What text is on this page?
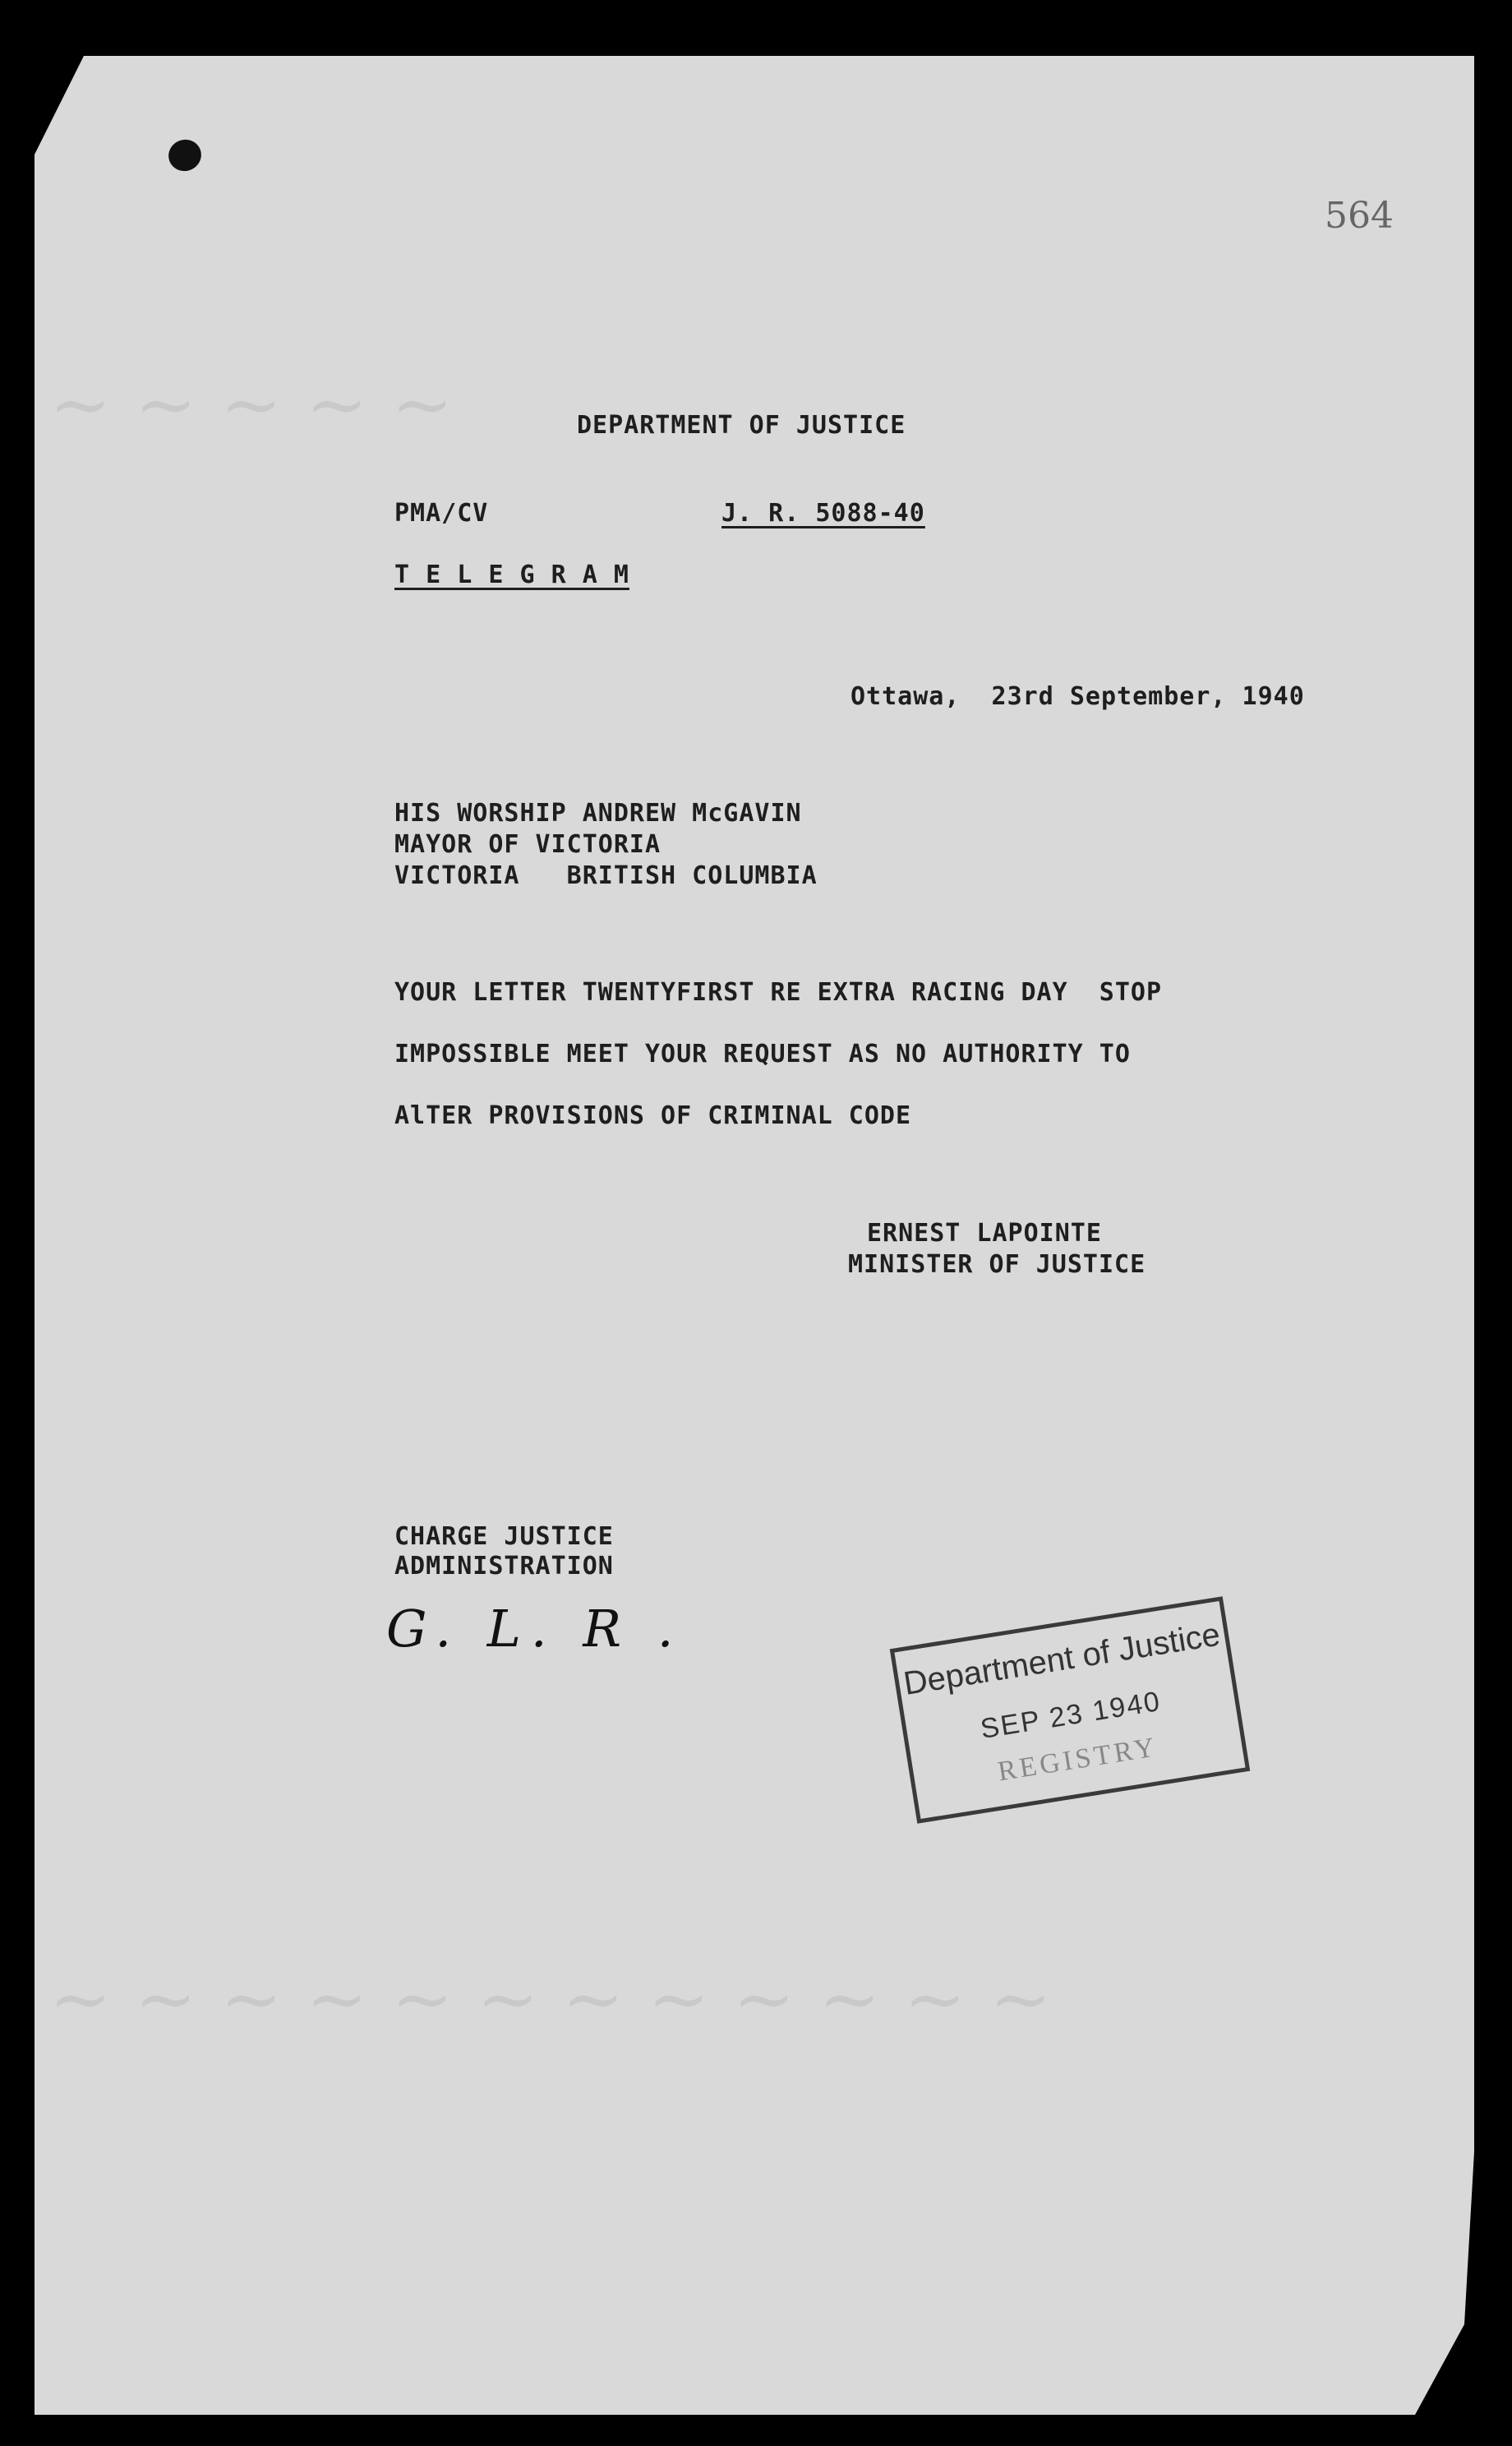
~ ~ ~ ~ ~
~ ~ ~ ~ ~ ~ ~ ~ ~ ~ ~ ~
564
DEPARTMENT OF JUSTICE
PMA/CV	J. R. 5088-40
T E L E G R A M
Ottawa,  23rd September, 1940
HIS WORSHIP ANDREW McGAVIN
MAYOR OF VICTORIA
VICTORIA   BRITISH COLUMBIA
YOUR LETTER TWENTYFIRST RE EXTRA RACING DAY  STOP
IMPOSSIBLE MEET YOUR REQUEST AS NO AUTHORITY TO
AlTER PROVISIONS OF CRIMINAL CODE
ERNEST LAPOINTE
MINISTER OF JUSTICE
CHARGE JUSTICE
ADMINISTRATION
G. L. R .	Department of Justice
SEP 23 1940
REGISTRY
